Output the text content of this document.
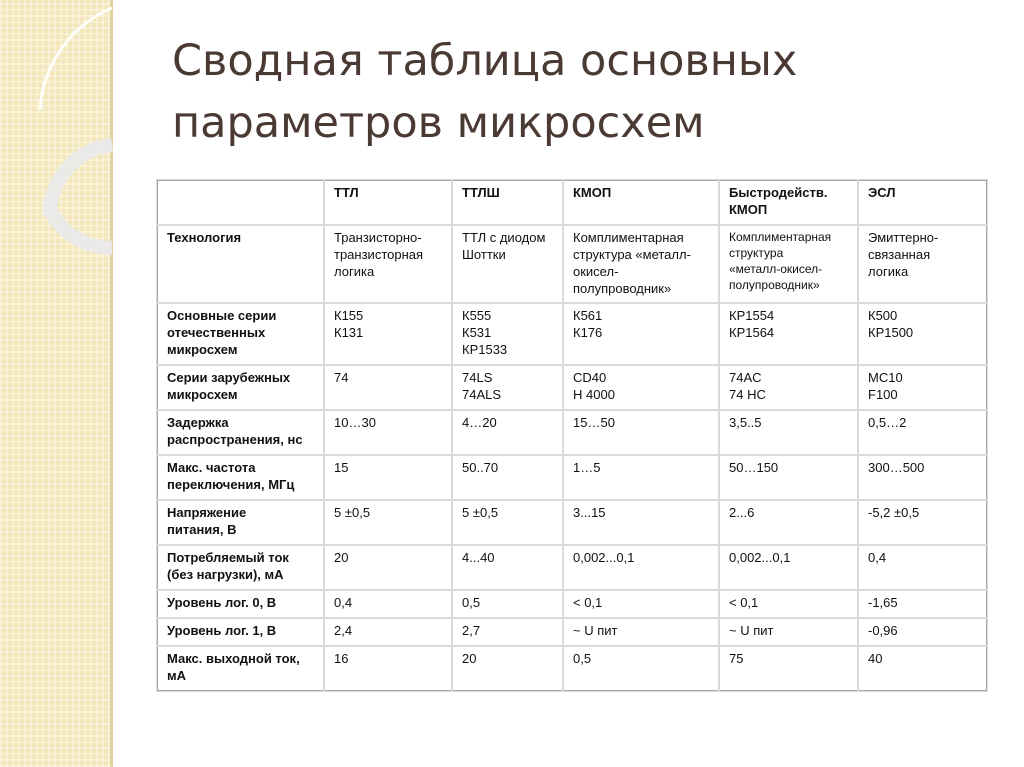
Сводная таблица основных
параметров микросхем
	ТТЛ	ТТЛШ	КМОП	Быстродейств. КМОП	ЭСЛ

Технология	Транзисторно-
транзисторная
логика	ТТЛ с диодом
Шоттки	Комплиментарная
структура «металл-
окисел-
полупроводник»	Комплиментарная
структура
«металл-окисел-
полупроводник»	Эмиттерно-
связанная
логика

Основные серии
отечественных
микросхем	К155
К131	К555
К531
КР1533	К561
К176	КР1554
КР1564	К500
КР1500

Серии зарубежных
микросхем	74	74LS
74ALS	CD40
H 4000	74AC
74 HC	MC10
F100

Задержка
распространения, нс	10…30	4…20	15…50	3,5..5	0,5…2

Макс. частота
переключения, МГц	15	50..70	1…5	50…150	300…500

Напряжение
питания, В	5 ±0,5	5 ±0,5	3...15	2...6	-5,2 ±0,5

Потребляемый ток
(без нагрузки), мА	20	4...40	0,002...0,1	0,002...0,1	0,4

Уровень лог. 0, В	0,4	0,5	< 0,1	< 0,1	-1,65

Уровень лог. 1, В	2,4	2,7	~ U пит	~ U пит	-0,96

Макс. выходной ток,
мА	16	20	0,5	75	40
